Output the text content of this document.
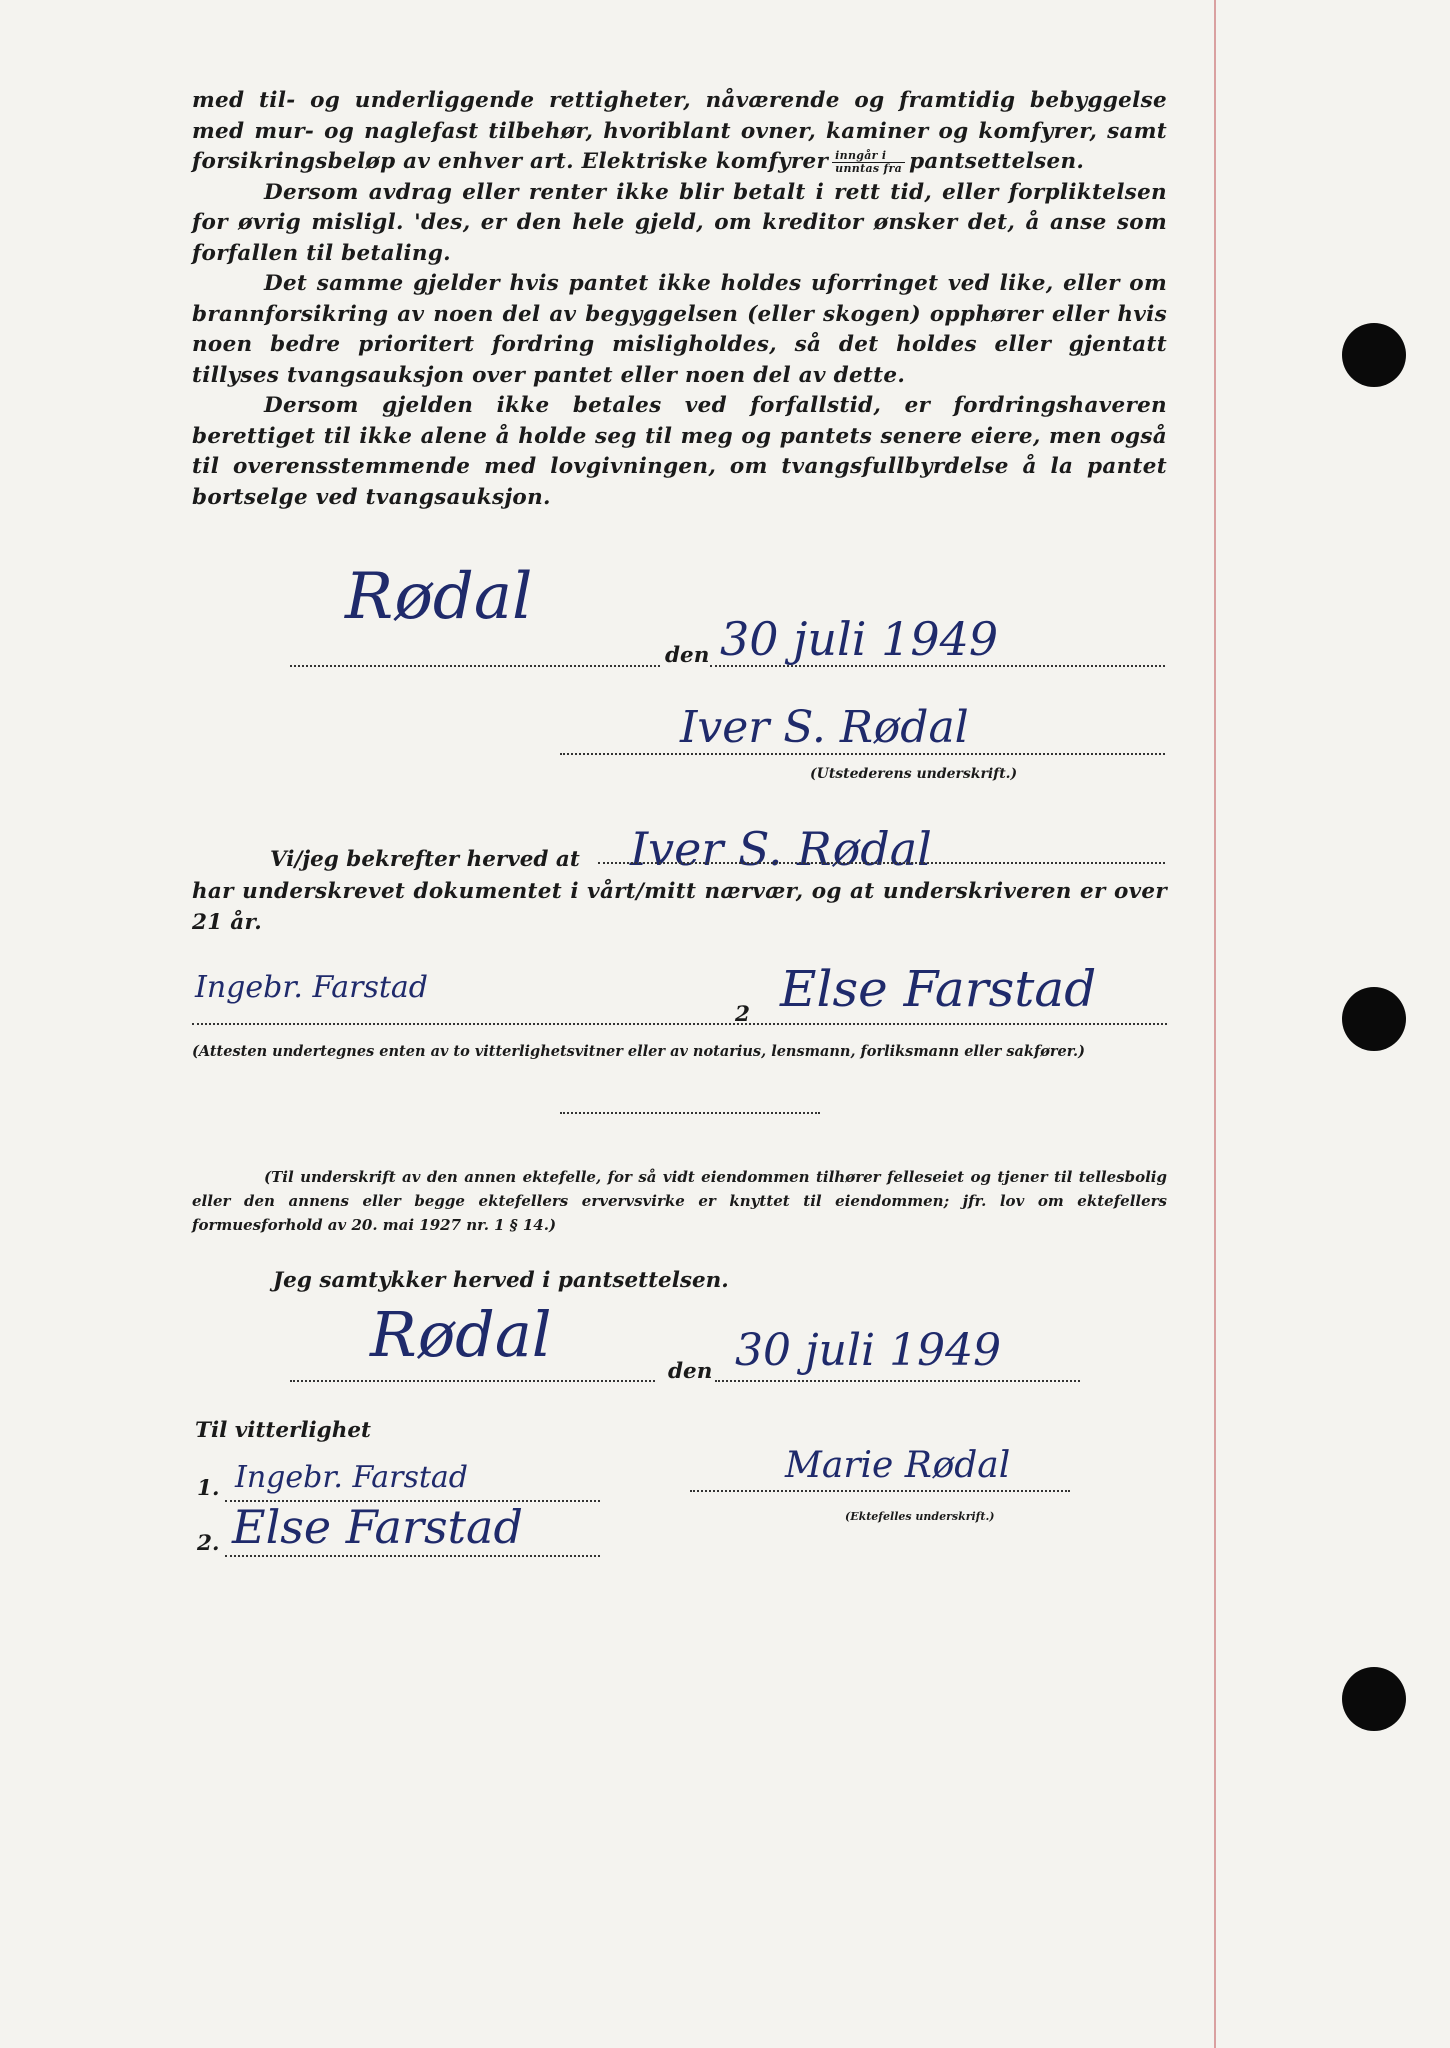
med til- og underliggende rettigheter, nåværende og framtidig bebyggelse med mur- og naglefast tilbehør, hvoriblant ovner, kaminer og komfyrer, samt forsikringsbeløp av enhver art. Elektriske komfyrer $\frac{\text{inngår i}}{\text{unntas fra}}$ pantsettelsen.

Dersom avdrag eller renter ikke blir betalt i rett tid, eller forpliktelsen for øvrig misligl. 'des, er den hele gjeld, om kreditor ønsker det, å anse som forfallen til betaling.

Det samme gjelder hvis pantet ikke holdes uforringet ved like, eller om brannforsikring av noen del av begyggelsen (eller skogen) opphører eller hvis noen bedre prioritert fordring misligholdes, så det holdes eller gjentatt tillyses tvangsauksjon over pantet eller noen del av dette.

Dersom gjelden ikke betales ved forfallstid, er fordringshaveren berettiget til ikke alene å holde seg til meg og pantets senere eiere, men også til overensstemmende med lovgivningen, om tvangsfullbyrdelse å la pantet bortselge ved tvangsauksjon.

Rødal
den 30 juli 1949
Iver S. Rødal
(Utstederens underskrift.)
Vi/jeg bekrefter herved at Iver S. Rødal

har underskrevet dokumentet i vårt/mitt nærvær, og at underskriveren er over 21 år.

Ingebr. Farstad
2 Else Farstad
(Attesten undertegnes enten av to vitterlighetsvitner eller av notarius, lensmann, forliksmann eller sakfører.)

(Til underskrift av den annen ektefelle, for så vidt eiendommen tilhører felleseiet og tjener til tellesbolig eller den annens eller begge ektefellers ervervsvirke er knyttet til eiendommen; jfr. lov om ektefellers formuesforhold av 20. mai 1927 nr. 1 § 14.)

Jeg samtykker herved i pantsettelsen.
Rødal
den 30 juli 1949
Til vitterlighet
1. Ingebr. Farstad
2. Else Farstad
Marie Rødal
(Ektefelles underskrift.)
